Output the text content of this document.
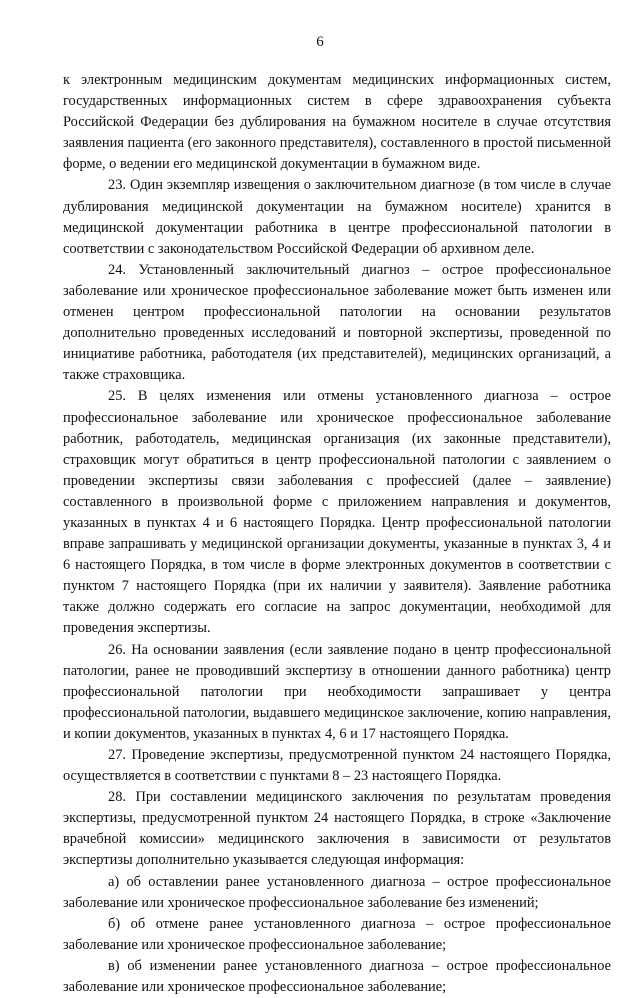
6

к электронным медицинским документам медицинских информационных систем, государственных информационных систем в сфере здравоохранения субъекта Российской Федерации без дублирования на бумажном носителе в случае отсутствия заявления пациента (его законного представителя), составленного в простой письменной форме, о ведении его медицинской документации в бумажном виде.

23. Один экземпляр извещения о заключительном диагнозе (в том числе в случае дублирования медицинской документации на бумажном носителе) хранится в медицинской документации работника в центре профессиональной патологии в соответствии с законодательством Российской Федерации об архивном деле.

24. Установленный заключительный диагноз – острое профессиональное заболевание или хроническое профессиональное заболевание может быть изменен или отменен центром профессиональной патологии на основании результатов дополнительно проведенных исследований и повторной экспертизы, проведенной по инициативе работника, работодателя (их представителей), медицинских организаций, а также страховщика.

25. В целях изменения или отмены установленного диагноза – острое профессиональное заболевание или хроническое профессиональное заболевание работник, работодатель, медицинская организация (их законные представители), страховщик могут обратиться в центр профессиональной патологии с заявлением о проведении экспертизы связи заболевания с профессией (далее – заявление) составленного в произвольной форме с приложением направления и документов, указанных в пунктах 4 и 6 настоящего Порядка. Центр профессиональной патологии вправе запрашивать у медицинской организации документы, указанные в пунктах 3, 4 и 6 настоящего Порядка, в том числе в форме электронных документов в соответствии с пунктом 7 настоящего Порядка (при их наличии у заявителя). Заявление работника также должно содержать его согласие на запрос документации, необходимой для проведения экспертизы.

26. На основании заявления (если заявление подано в центр профессиональной патологии, ранее не проводивший экспертизу в отношении данного работника) центр профессиональной патологии при необходимости запрашивает у центра профессиональной патологии, выдавшего медицинское заключение, копию направления, и копии документов, указанных в пунктах 4, 6 и 17 настоящего Порядка.

27. Проведение экспертизы, предусмотренной пунктом 24 настоящего Порядка, осуществляется в соответствии с пунктами 8 – 23 настоящего Порядка.

28. При составлении медицинского заключения по результатам проведения экспертизы, предусмотренной пунктом 24 настоящего Порядка, в строке «Заключение врачебной комиссии» медицинского заключения в зависимости от результатов экспертизы дополнительно указывается следующая информация:

а) об оставлении ранее установленного диагноза – острое профессиональное заболевание или хроническое профессиональное заболевание без изменений;

б) об отмене ранее установленного диагноза – острое профессиональное заболевание или хроническое профессиональное заболевание;

в) об изменении ранее установленного диагноза – острое профессиональное заболевание или хроническое профессиональное заболевание;
